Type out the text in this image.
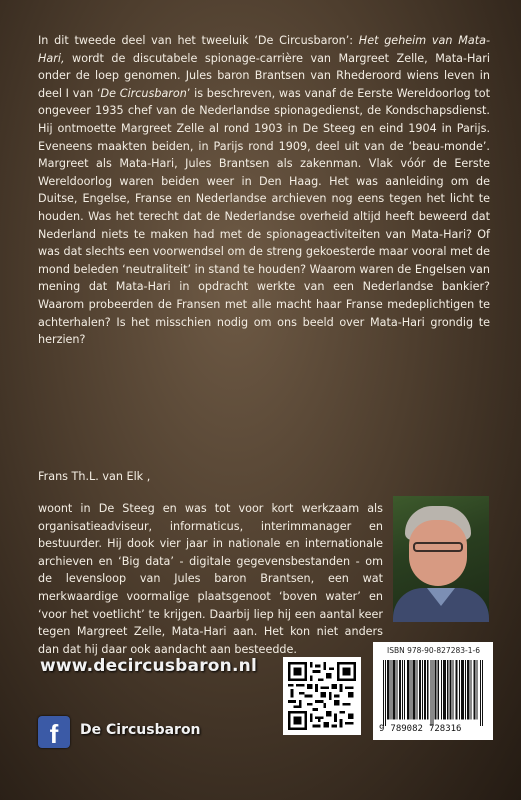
In dit tweede deel van het tweeluik ‘De Circusbaron’: Het geheim van Mata-Hari, wordt de discutabele spionage-carrière van Margreet Zelle, Mata-Hari onder de loep genomen. Jules baron Brantsen van Rhederoord wiens leven in deel I van ‘De Circusbaron’ is beschreven, was vanaf de Eerste Wereldoorlog tot ongeveer 1935 chef van de Nederlandse spionagedienst, de Kondschapsdienst. Hij ontmoette Margreet Zelle al rond 1903 in De Steeg en eind 1904 in Parijs. Eveneens maakten beiden, in Parijs rond 1909, deel uit van de ‘beau-monde’. Margreet als Mata-Hari, Jules Brantsen als zakenman. Vlak vóór de Eerste Wereldoorlog waren beiden weer in Den Haag. Het was aanleiding om de Duitse, Engelse, Franse en Nederlandse archieven nog eens tegen het licht te houden. Was het terecht dat de Nederlandse overheid altijd heeft beweerd dat Nederland niets te maken had met de spionageactiviteiten van Mata-Hari? Of was dat slechts een voorwendsel om de streng gekoesterde maar vooral met de mond beleden ‘neutraliteit’ in stand te houden? Waarom waren de Engelsen van mening dat Mata-Hari in opdracht werkte van een Nederlandse bankier? Waarom probeerden de Fransen met alle macht haar Franse medeplichtigen te achterhalen? Is het misschien nodig om ons beeld over Mata-Hari grondig te herzien?

Frans Th.L. van Elk ,

woont in De Steeg en was tot voor kort werkzaam als organisatieadviseur, informaticus, interimmanager en bestuurder. Hij dook vier jaar in nationale en internationale archieven en ‘Big data’ - digitale gegevensbestanden - om de levensloop van Jules baron Brantsen, een wat merkwaardige voormalige plaatsgenoot ‘boven water’ en ‘voor het voetlicht’ te krijgen. Daarbij liep hij een aantal keer tegen Margreet Zelle, Mata-Hari aan. Het kon niet anders dan dat hij daar ook aandacht aan besteedde.

www.decircusbaron.nl
ISBN 978-90-827283-1-6
9 789082 728316
f	De Circusbaron
